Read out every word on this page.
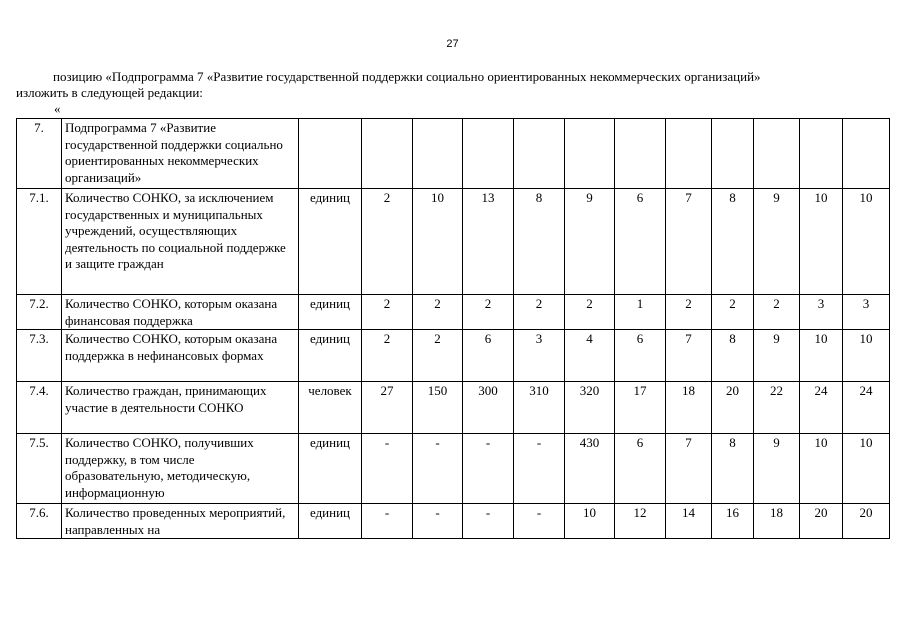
27
позицию «Подпрограмма 7 «Развитие государственной поддержки социально ориентированных некоммерческих организаций»
изложить в следующей редакции:
«
7.	Подпрограмма 7 «Развитие государственной поддержки социально ориентированных некоммерческих организаций»												
7.1.	Количество СОНКО, за исключением государственных и муниципальных учреждений, осуществляющих деятельность по социальной поддержке и защите граждан	единиц	2	10	13	8	9	6	7	8	9	10	10
7.2.	Количество СОНКО, которым оказана финансовая поддержка	единиц	2	2	2	2	2	1	2	2	2	3	3
7.3.	Количество СОНКО, которым оказана поддержка в нефинансовых формах	единиц	2	2	6	3	4	6	7	8	9	10	10
7.4.	Количество граждан, принимающих участие в деятельности СОНКО	человек	27	150	300	310	320	17	18	20	22	24	24
7.5.	Количество СОНКО, получивших поддержку, в том числе образовательную, методическую, информационную	единиц	-	-	-	-	430	6	7	8	9	10	10
7.6.	Количество проведенных мероприятий, направленных на	единиц	-	-	-	-	10	12	14	16	18	20	20
